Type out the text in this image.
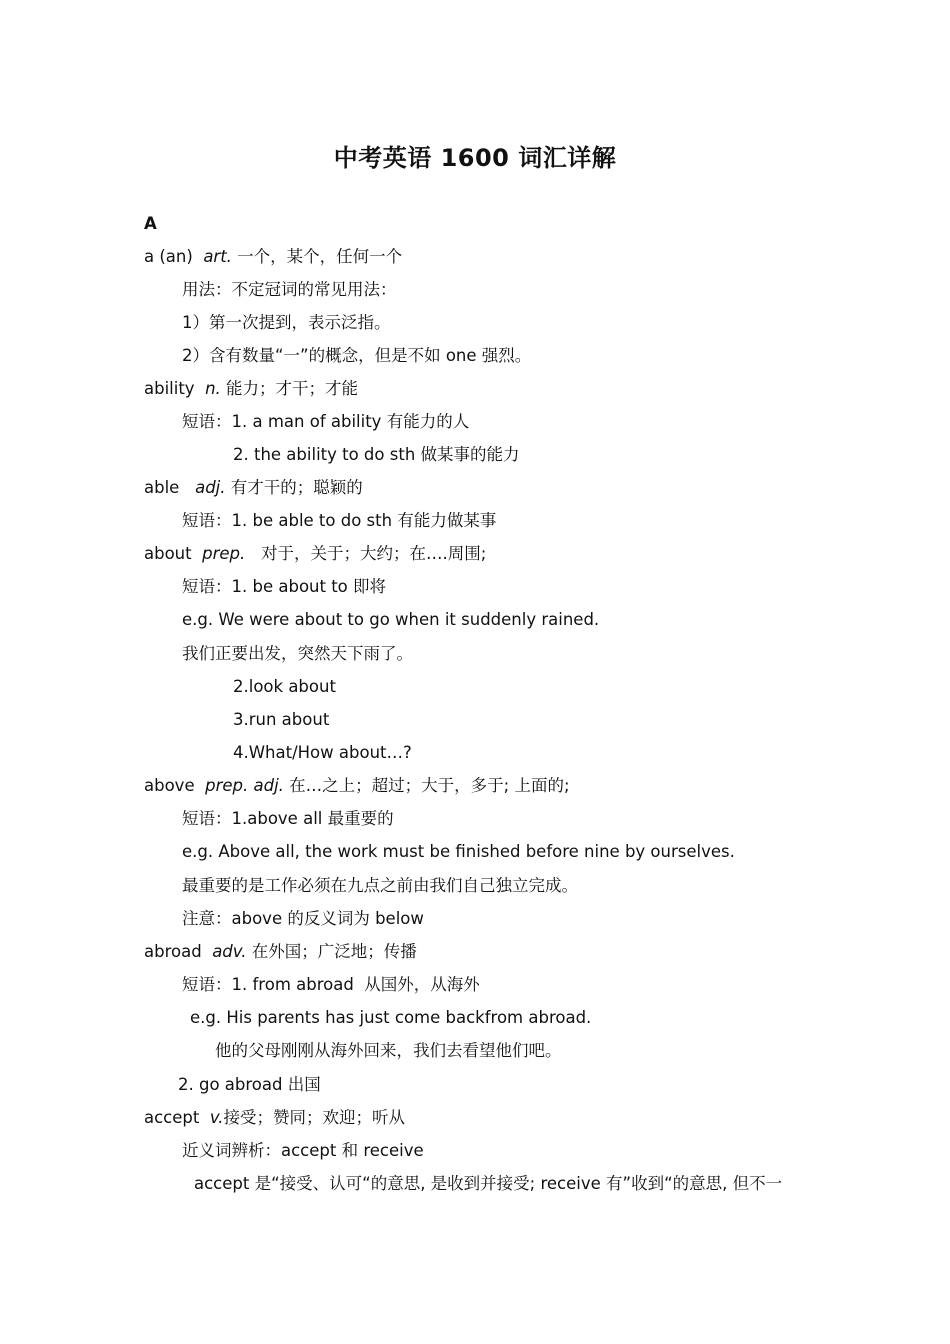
中考英语 1600 词汇详解
A
a (an) art. 一个，某个，任何一个
用法：不定冠词的常见用法：
1）第一次提到，表示泛指。
2）含有数量“一”的概念，但是不如 one 强烈。
ability n. 能力；才干；才能
短语：1. a man of ability 有能力的人
2. the ability to do sth 做某事的能力
able adj. 有才干的；聪颖的
短语：1. be able to do sth 有能力做某事
about prep. 对于，关于；大约；在….周围;
短语：1. be about to 即将
e.g. We were about to go when it suddenly rained.
我们正要出发，突然天下雨了。
2.look about
3.run about
4.What/How about…?
above prep. adj. 在…之上；超过；大于，多于; 上面的;
短语：1.above all 最重要的
e.g. Above all, the work must be finished before nine by ourselves.
最重要的是工作必须在九点之前由我们自己独立完成。
注意：above 的反义词为 below
abroad adv. 在外国；广泛地；传播
短语：1. from abroad  从国外，从海外
e.g. His parents has just come backfrom abroad.
他的父母刚刚从海外回来，我们去看望他们吧。
2. go abroad 出国
accept v.接受；赞同；欢迎；听从
近义词辨析：accept 和 receive
accept 是“接受、认可“的意思, 是收到并接受; receive 有”收到“的意思, 但不一
